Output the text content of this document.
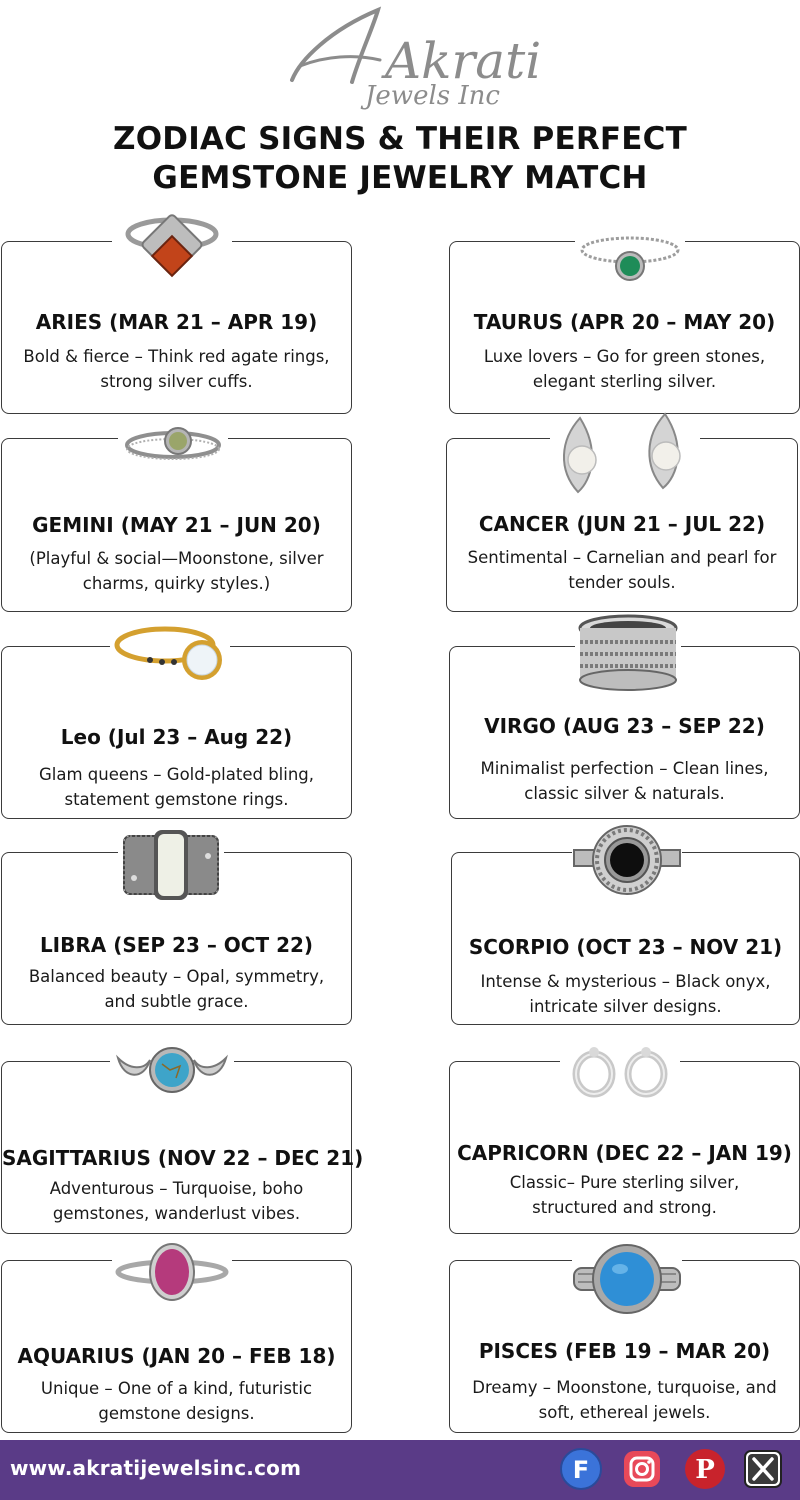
Akrati
Jewels Inc
ZODIAC SIGNS & THEIR PERFECT
GEMSTONE JEWELRY MATCH
ARIES (MAR 21 – APR 19)
Bold & fierce – Think red agate rings,
strong silver cuffs.
TAURUS (APR 20 – MAY 20)
Luxe lovers – Go for green stones,
elegant sterling silver.
GEMINI (MAY 21 – JUN 20)
(Playful & social—Moonstone, silver
charms, quirky styles.)
CANCER (JUN 21 – JUL 22)
Sentimental – Carnelian and pearl for
tender souls.
Leo (Jul 23 – Aug 22)
Glam queens – Gold-plated bling,
statement gemstone rings.
VIRGO (AUG 23 – SEP 22)
Minimalist perfection – Clean lines,
classic silver & naturals.
LIBRA (SEP 23 – OCT 22)
Balanced beauty – Opal, symmetry,
and subtle grace.
SCORPIO (OCT 23 – NOV 21)
Intense & mysterious – Black onyx,
intricate silver designs.
SAGITTARIUS (NOV 22 – DEC 21)
Adventurous – Turquoise, boho
gemstones, wanderlust vibes.
CAPRICORN (DEC 22 – JAN 19)
Classic– Pure sterling silver,
structured and strong.
AQUARIUS (JAN 20 – FEB 18)
Unique – One of a kind, futuristic
gemstone designs.
PISCES (FEB 19 – MAR 20)
Dreamy – Moonstone, turquoise, and
soft, ethereal jewels.
www.akratijewelsinc.com	F	P
